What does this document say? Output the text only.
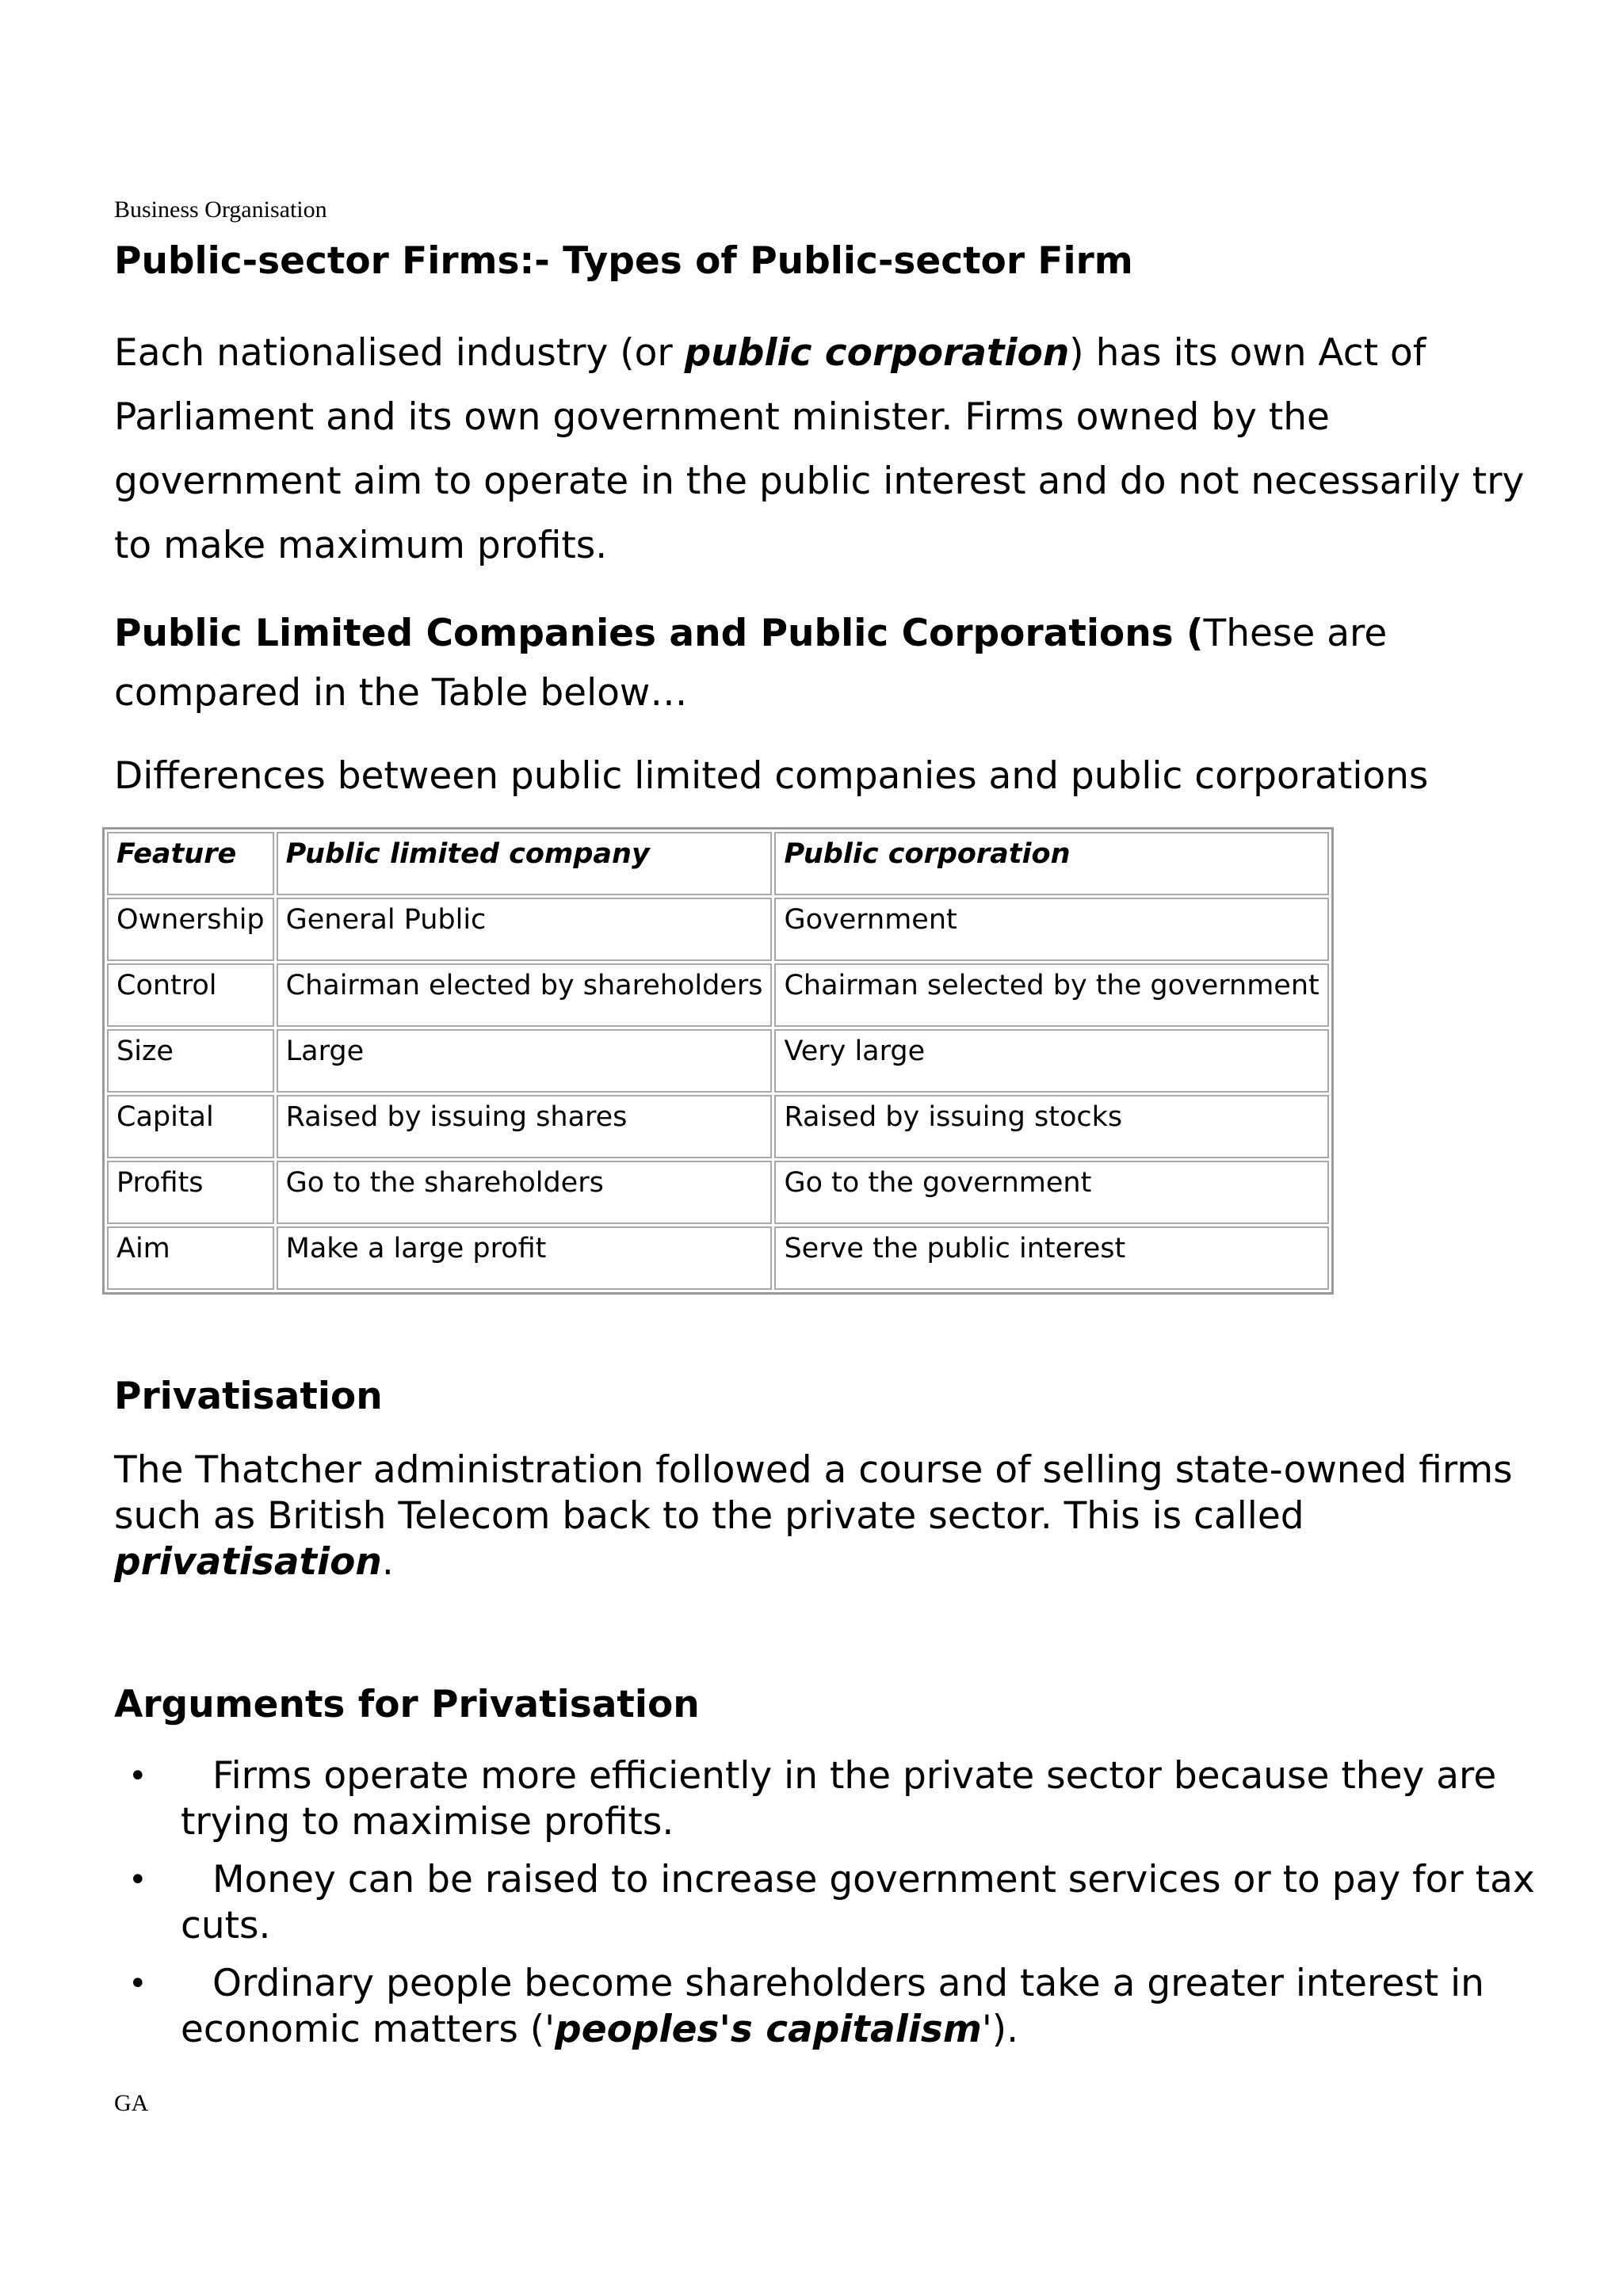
Business Organisation
Public-sector Firms:- Types of Public-sector Firm

Each nationalised industry (or public corporation) has its own Act of Parliament and its own government minister. Firms owned by the government aim to operate in the public interest and do not necessarily try to make maximum profits.

Public Limited Companies and Public Corporations (These are compared in the Table below…

Differences between public limited companies and public corporations

Feature	Public limited company	Public corporation
Ownership	General Public	Government
Control	Chairman elected by shareholders	Chairman selected by the government
Size	Large	Very large
Capital	Raised by issuing shares	Raised by issuing stocks
Profits	Go to the shareholders	Go to the government
Aim	Make a large profit	Serve the public interest
Privatisation

The Thatcher administration followed a course of selling state-owned firms such as British Telecom back to the private sector. This is called privatisation.

Arguments for Privatisation
• Firms operate more efficiently in the private sector because they are trying to maximise profits.
• Money can be raised to increase government services or to pay for tax cuts.
• Ordinary people become shareholders and take a greater interest in economic matters ('peoples's capitalism').
GA
